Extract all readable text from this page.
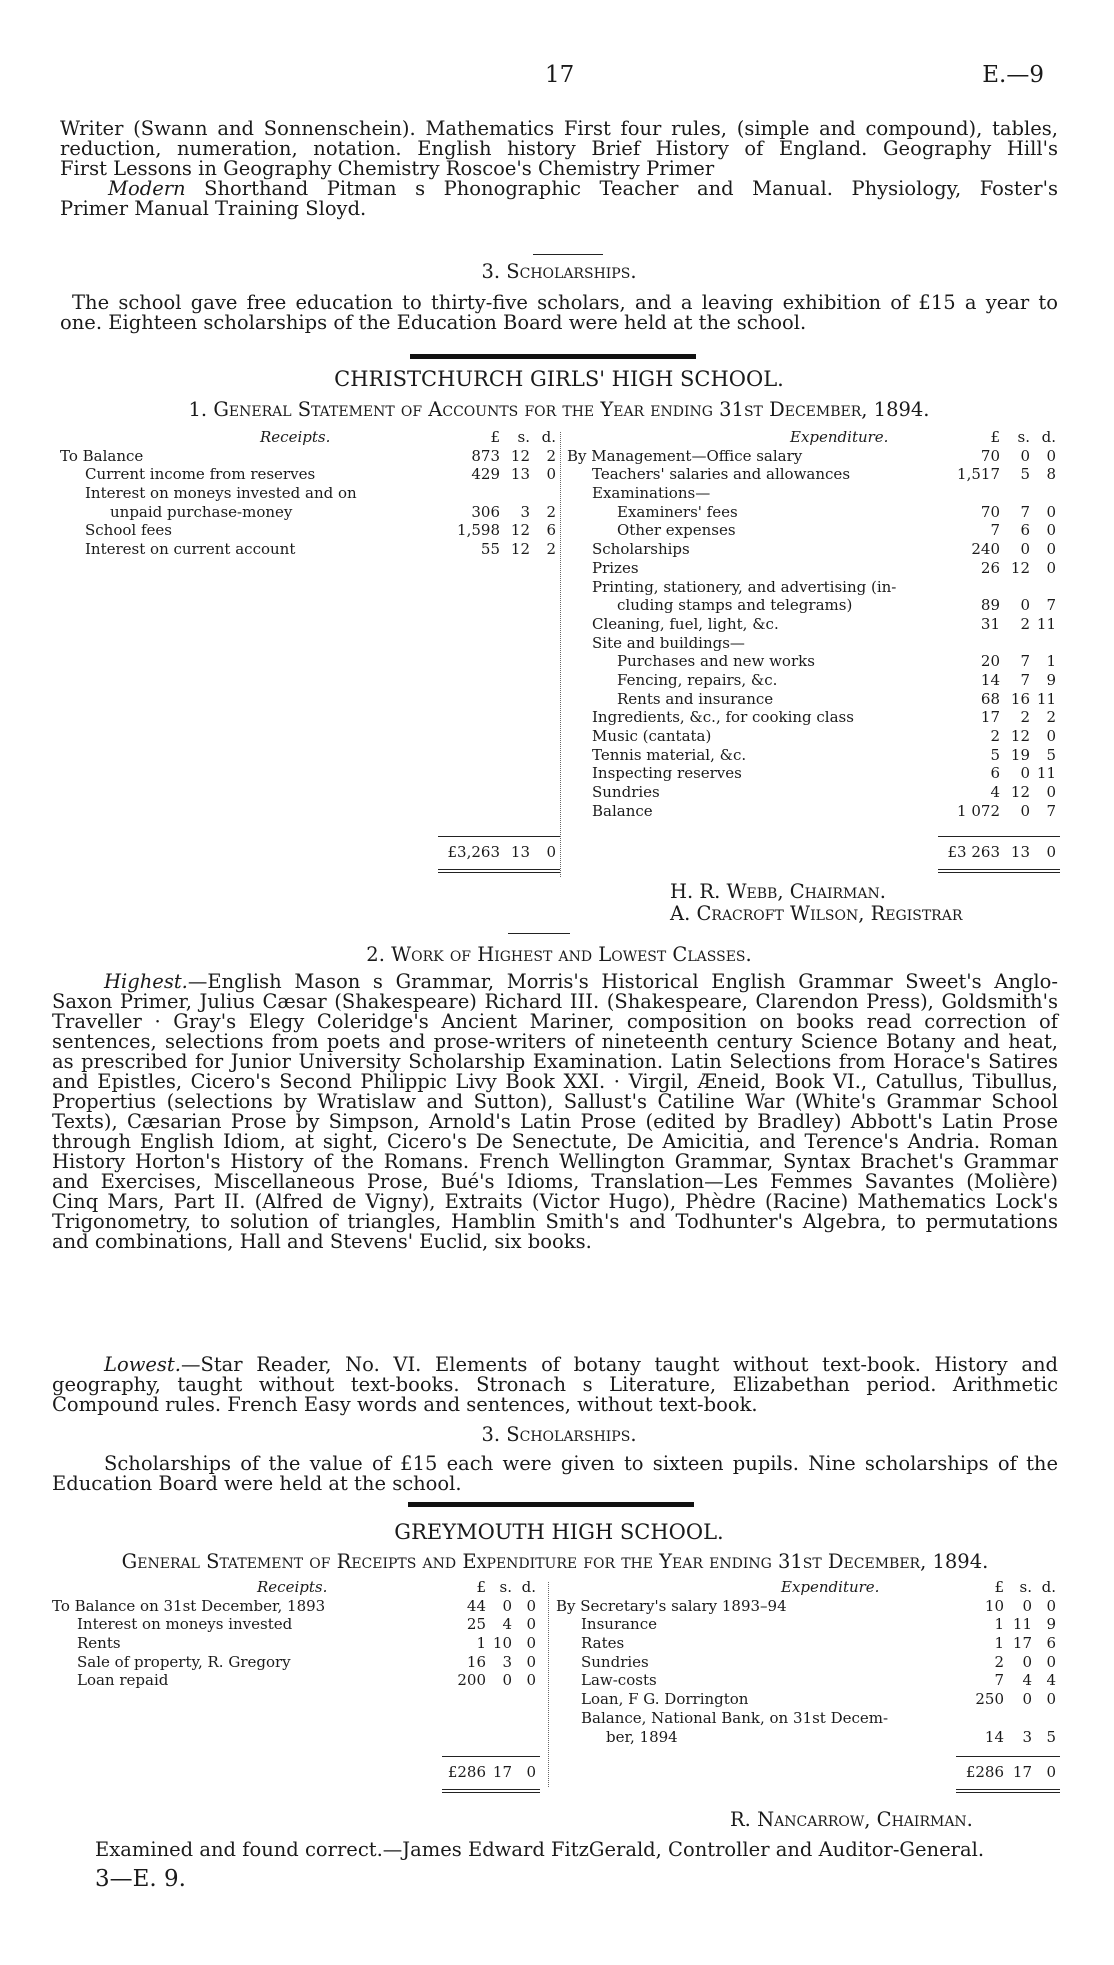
17	E.—9
Writer (Swann and Sonnenschein). Mathematics First four rules, (simple and compound), tables,
reduction, numeration, notation. English history Brief History of England. Geography Hill's
First Lessons in Geography Chemistry Roscoe's Chemistry Primer
Modern Shorthand Pitman s Phonographic Teacher and Manual. Physiology, Foster's
Primer Manual Training Sloyd.
3. Scholarships.
The school gave free education to thirty-five scholars, and a leaving exhibition of £15 a year to
one. Eighteen scholarships of the Education Board were held at the school.
CHRISTCHURCH GIRLS' HIGH SCHOOL.
1. General Statement of Accounts for the Year ending 31st December, 1894.
Receipts.	£ s. d.
To Balance	873 12 2
Current income from reserves	429 13 0
Interest on moneys invested and on
unpaid purchase-money	306 3 2
School fees	1,598 12 6
Interest on current account	55 12 2
£3,263 13 0
Expenditure.	£ s. d.
By Management—Office salary	70 0 0
Teachers' salaries and allowances	1,517 5 8
Examinations—
Examiners' fees	70 7 0
Other expenses	7 6 0
Scholarships	240 0 0
Prizes	26 12 0
Printing, stationery, and advertising (in-
cluding stamps and telegrams)	89 0 7
Cleaning, fuel, light, &c.	31 2 11
Site and buildings—
Purchases and new works	20 7 1
Fencing, repairs, &c.	14 7 9
Rents and insurance	68 16 11
Ingredients, &c., for cooking class	17 2 2
Music (cantata)	2 12 0
Tennis material, &c.	5 19 5
Inspecting reserves	6 0 11
Sundries	4 12 0
Balance	1 072 0 7
£3 263 13 0
H. R. Webb, Chairman.
A. Cracroft Wilson, Registrar
2. Work of Highest and Lowest Classes.

Highest.—English Mason s Grammar, Morris's Historical English Grammar Sweet's Anglo-Saxon Primer, Julius Cæsar (Shakespeare) Richard III. (Shakespeare, Clarendon Press), Goldsmith's Traveller · Gray's Elegy Coleridge's Ancient Mariner, composition on books read correction of sentences, selections from poets and prose-writers of nineteenth century Science Botany and heat, as prescribed for Junior University Scholarship Examination. Latin Selections from Horace's Satires and Epistles, Cicero's Second Philippic Livy Book XXI. · Virgil, Æneid, Book VI., Catullus, Tibullus, Propertius (selections by Wratislaw and Sutton), Sallust's Catiline War (White's Grammar School Texts), Cæsarian Prose by Simpson, Arnold's Latin Prose (edited by Bradley) Abbott's Latin Prose through English Idiom, at sight, Cicero's De Senectute, De Amicitia, and Terence's Andria. Roman History Horton's History of the Romans. French Wellington Grammar, Syntax Brachet's Grammar and Exercises, Miscellaneous Prose, Bué's Idioms, Translation—Les Femmes Savantes (Molière) Cinq Mars, Part II. (Alfred de Vigny), Extraits (Victor Hugo), Phèdre (Racine) Mathematics Lock's Trigonometry, to solution of triangles, Hamblin Smith's and Todhunter's Algebra, to permutations and combinations, Hall and Stevens' Euclid, six books.

Lowest.—Star Reader, No. VI. Elements of botany taught without text-book. History and geography, taught without text-books. Stronach s Literature, Elizabethan period. Arithmetic Compound rules. French Easy words and sentences, without text-book.

3. Scholarships.

Scholarships of the value of £15 each were given to sixteen pupils. Nine scholarships of the Education Board were held at the school.

GREYMOUTH HIGH SCHOOL.
General Statement of Receipts and Expenditure for the Year ending 31st December, 1894.
Receipts.	£ s. d.
To Balance on 31st December, 1893	44 0 0
Interest on moneys invested	25 4 0
Rents	1 10 0
Sale of property, R. Gregory	16 3 0
Loan repaid	200 0 0
£286 17 0
Expenditure.	£ s. d.
By Secretary's salary 1893–94	10 0 0
Insurance	1 11 9
Rates	1 17 6
Sundries	2 0 0
Law-costs	7 4 4
Loan, F G. Dorrington	250 0 0
Balance, National Bank, on 31st Decem-
ber, 1894	14 3 5
£286 17 0
R. Nancarrow, Chairman.
Examined and found correct.—James Edward FitzGerald, Controller and Auditor-General.
3—E. 9.
